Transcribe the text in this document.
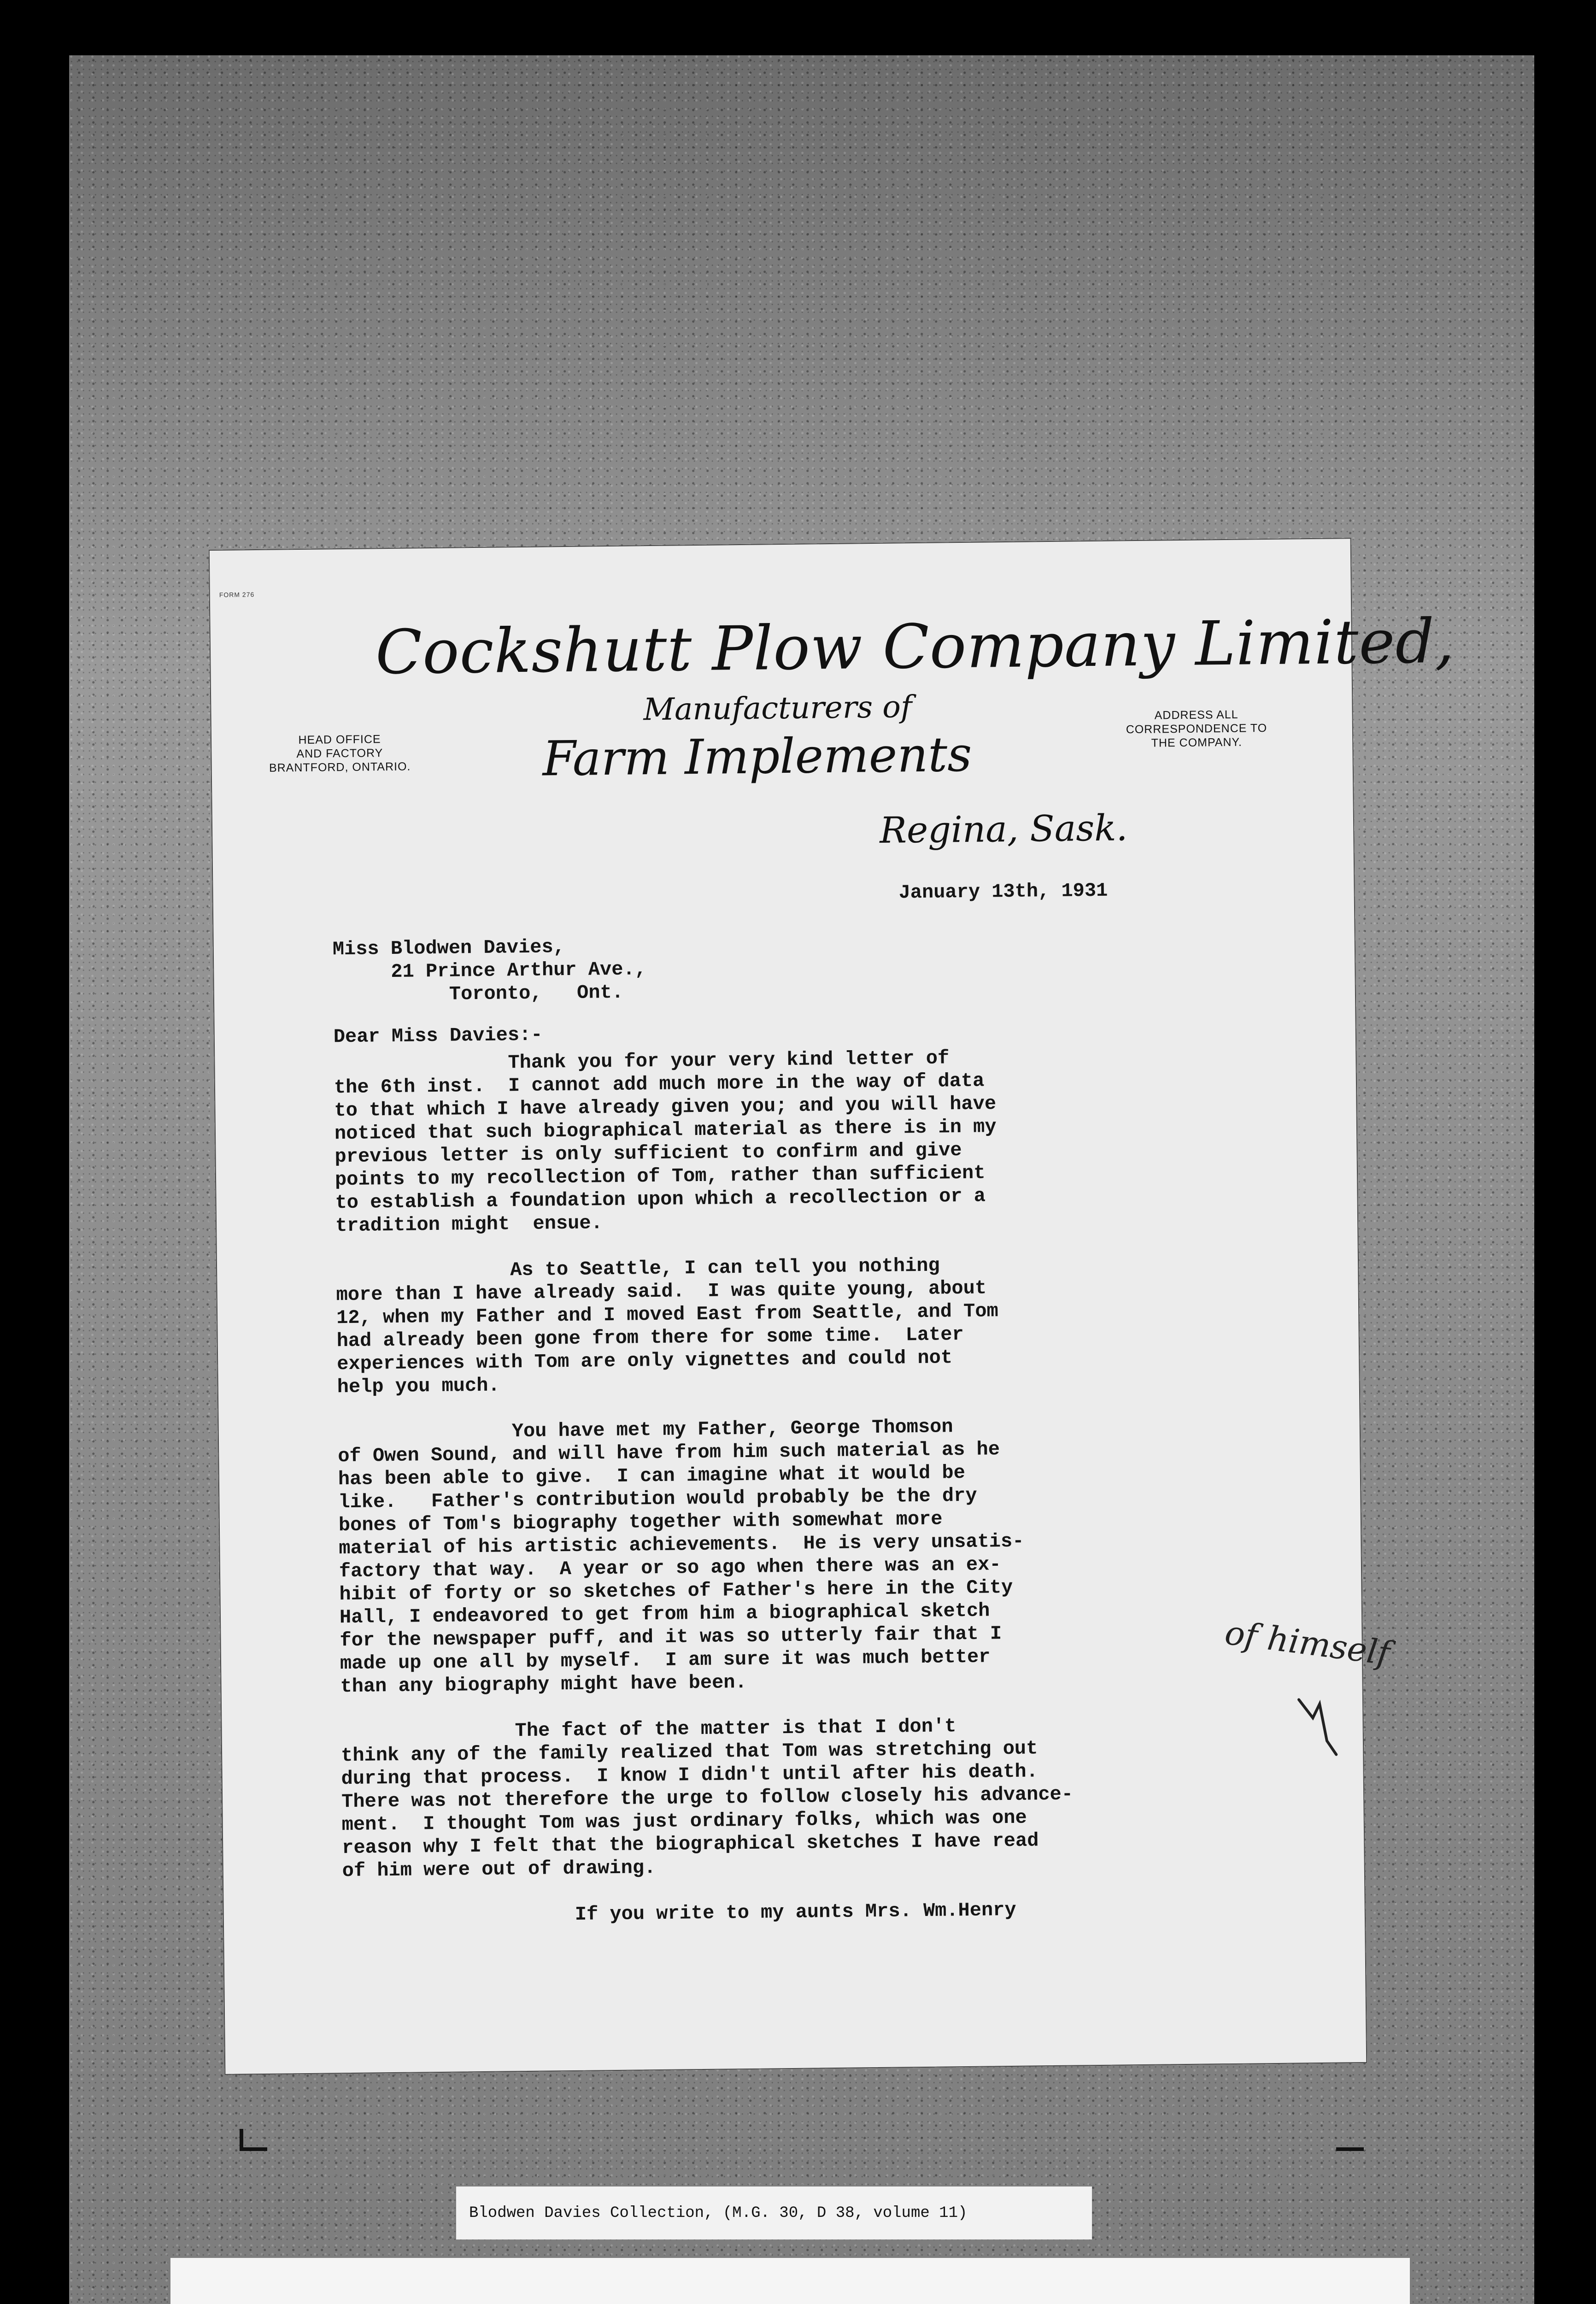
FORM 276
Cockshutt Plow Company Limited,
Manufacturers of
Farm Implements
HEAD OFFICE
AND FACTORY
BRANTFORD, ONTARIO.
ADDRESS ALL
CORRESPONDENCE TO
THE COMPANY.
Regina, Sask.
January 13th, 1931
Miss Blodwen Davies,
21 Prince Arthur Ave.,
Toronto,   Ont.
Dear Miss Davies:-
Thank you for your very kind letter of
the 6th inst.  I cannot add much more in the way of data
to that which I have already given you; and you will have
noticed that such biographical material as there is in my
previous letter is only sufficient to confirm and give
points to my recollection of Tom, rather than sufficient
to establish a foundation upon which a recollection or a
tradition might  ensue.

As to Seattle, I can tell you nothing
more than I have already said.  I was quite young, about
12, when my Father and I moved East from Seattle, and Tom
had already been gone from there for some time.  Later
experiences with Tom are only vignettes and could not
help you much.

You have met my Father, George Thomson
of Owen Sound, and will have from him such material as he
has been able to give.  I can imagine what it would be
like.   Father's contribution would probably be the dry
bones of Tom's biography together with somewhat more
material of his artistic achievements.  He is very unsatis-
factory that way.  A year or so ago when there was an ex-
hibit of forty or so sketches of Father's here in the City
Hall, I endeavored to get from him a biographical sketch
for the newspaper puff, and it was so utterly fair that I
made up one all by myself.  I am sure it was much better
than any biography might have been.

The fact of the matter is that I don't
think any of the family realized that Tom was stretching out
during that process.  I know I didn't until after his death.
There was not therefore the urge to follow closely his advance-
ment.  I thought Tom was just ordinary folks, which was one
reason why I felt that the biographical sketches I have read
of him were out of drawing.

If you write to my aunts Mrs. Wm.Henry
of himself
Blodwen Davies Collection, (M.G. 30, D 38, volume 11)
